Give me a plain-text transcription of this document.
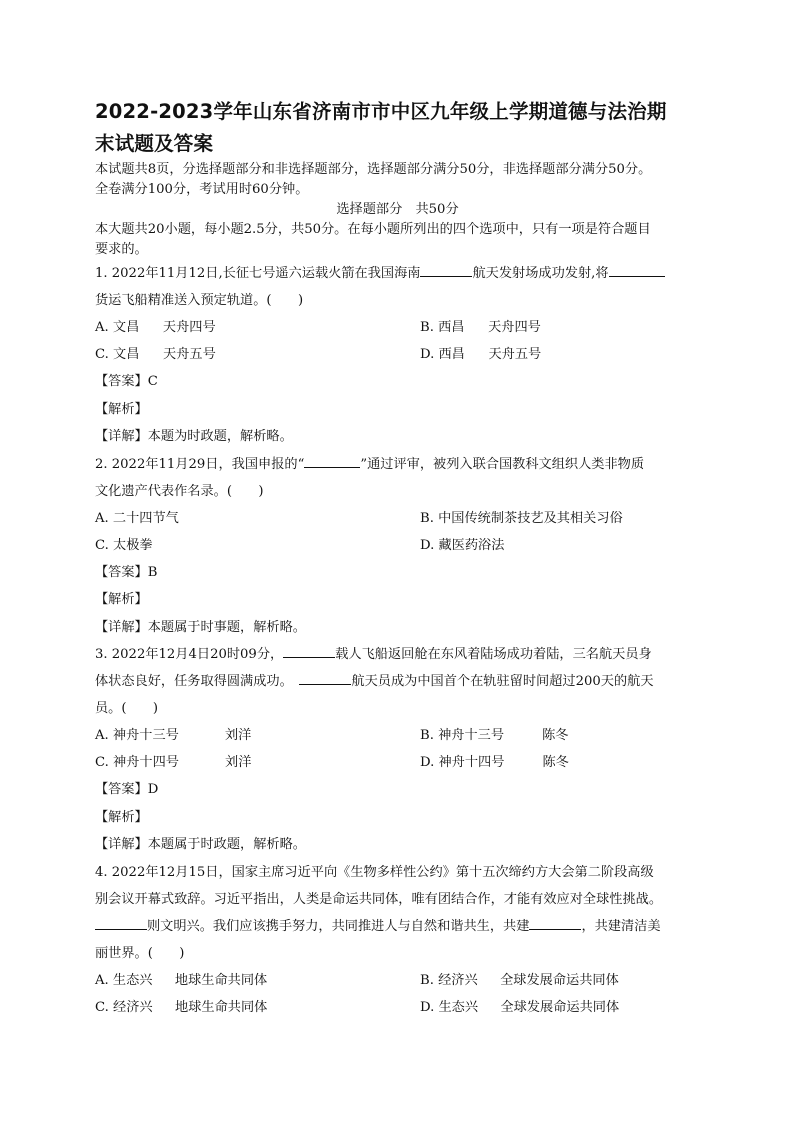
2022-2023学年山东省济南市市中区九年级上学期道德与法治期
末试题及答案

本试题共8页，分选择题部分和非选择题部分，选择题部分满分50分，非选择题部分满分50分。
全卷满分100分，考试用时60分钟。

选择题部分　共50分

本大题共20小题，每小题2.5分，共50分。在每小题所列出的四个选项中，只有一项是符合题目
要求的。

1. 2022年11月12日,长征七号遥六运载火箭在我国海南	航天发射场成功发射,将
货运飞船精准送入预定轨道。(　　)

A. 文昌 天舟四号	B. 西昌 天舟四号
C. 文昌 天舟五号	D. 西昌 天舟五号

【答案】C

【解析】

【详解】本题为时政题，解析略。

2. 2022年11月29日，我国申报的“	”通过评审，被列入联合国教科文组织人类非物质
文化遗产代表作名录。(　　)

A. 二十四节气	B. 中国传统制茶技艺及其相关习俗
C. 太极拳	D. 藏医药浴法

【答案】B

【解析】

【详解】本题属于时事题，解析略。

3. 2022年12月4日20时09分，	载人飞船返回舱在东风着陆场成功着陆，三名航天员身
体状态良好，任务取得圆满成功。　	航天员成为中国首个在轨驻留时间超过200天的航天
员。(　　)

A. 神舟十三号	刘洋	B. 神舟十三号	陈冬
C. 神舟十四号	刘洋	D. 神舟十四号	陈冬

【答案】D

【解析】

【详解】本题属于时政题，解析略。

4. 2022年12月15日，国家主席习近平向《生物多样性公约》第十五次缔约方大会第二阶段高级
别会议开幕式致辞。习近平指出，人类是命运共同体，唯有团结合作，才能有效应对全球性挑战。
则文明兴。我们应该携手努力，共同推进人与自然和谐共生，共建	，共建清洁美
丽世界。(　　)

A. 生态兴 地球生命共同体	B. 经济兴 全球发展命运共同体
C. 经济兴 地球生命共同体	D. 生态兴 全球发展命运共同体
